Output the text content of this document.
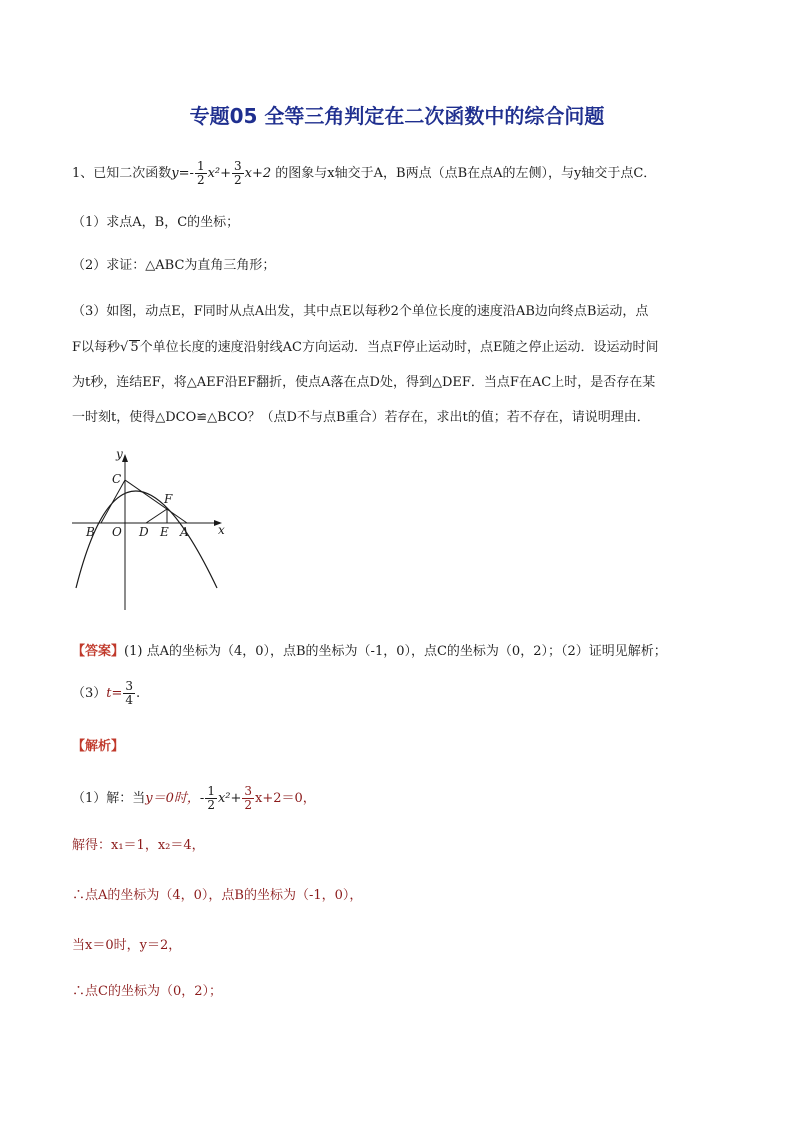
专题05 全等三角判定在二次函数中的综合问题
1、已知二次函数$y=- \frac{1}{2} x^2+ \frac{3}{2} x+2$ 的图象与x轴交于A，B两点（点B在点A的左侧），与y轴交于点C．
（1）求点A，B，C的坐标；
（2）求证：△ABC为直角三角形；
（3）如图，动点E，F同时从点A出发，其中点E以每秒2个单位长度的速度沿AB边向终点B运动，点
F以每秒√ 5个单位长度的速度沿射线AC方向运动．当点F停止运动时，点E随之停止运动．设运动时间
为t秒，连结EF，将△AEF沿EF翻折，使点A落在点D处，得到△DEF．当点F在AC上时，是否存在某
一时刻t，使得△DCO≌△BCO？（点D不与点B重合）若存在，求出t的值；若不存在，请说明理由．
y
x
C
F
B O D E A
【答案】(1) 点A的坐标为（4，0），点B的坐标为（-1，0），点C的坐标为（0，2）；（2）证明见解析；
$(3)t= \frac{3}{4}$ .
【解析】
（1）解：当y＝0时，- $\frac{1}{2} x^2+ \frac{3}{2} x+2=0$，
解得：x₁＝1，x₂＝4，
∴点A的坐标为（4，0），点B的坐标为（-1，0），
当x＝0时，y＝2，
∴点C的坐标为（0，2）；
